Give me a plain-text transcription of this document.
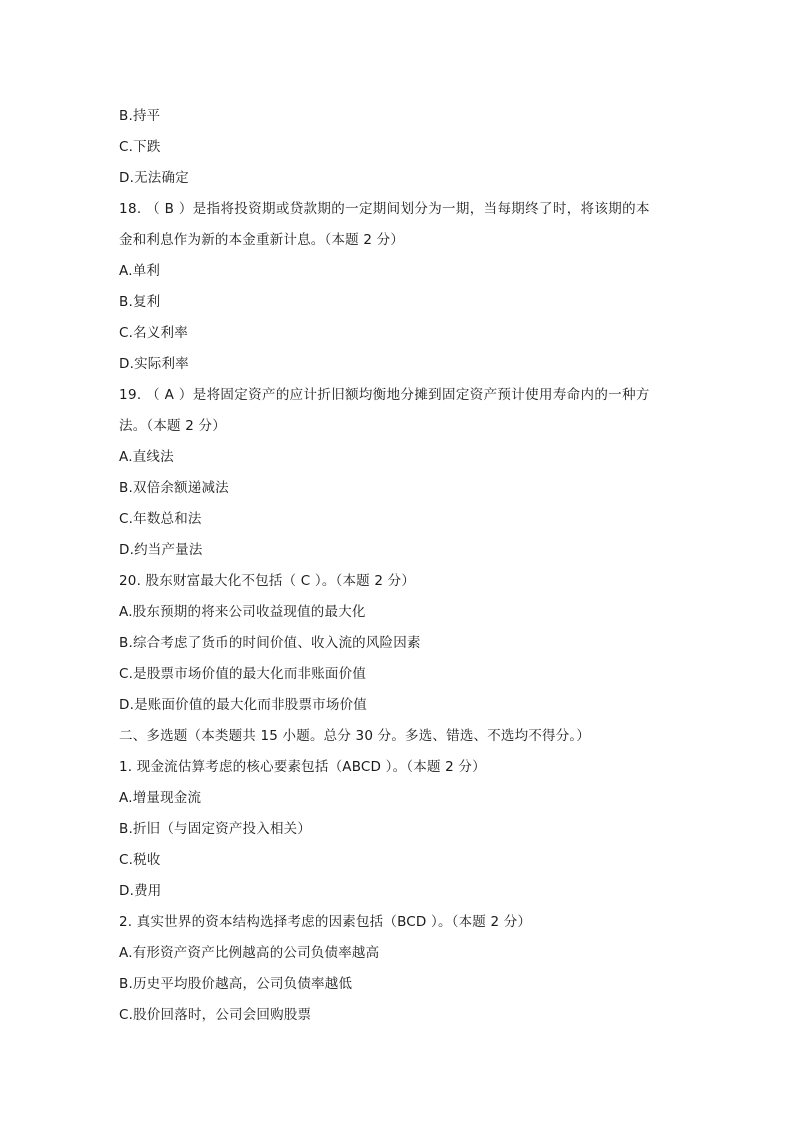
B.持平
C.下跌
D.无法确定
18. （ B ）是指将投资期或贷款期的一定期间划分为一期，当每期终了时，将该期的本
金和利息作为新的本金重新计息。（本题 2 分）
A.单利
B.复利
C.名义利率
D.实际利率
19. （ A ）是将固定资产的应计折旧额均衡地分摊到固定资产预计使用寿命内的一种方
法。（本题 2 分）
A.直线法
B.双倍余额递减法
C.年数总和法
D.约当产量法
20. 股东财富最大化不包括（ C ）。（本题 2 分）
A.股东预期的将来公司收益现值的最大化
B.综合考虑了货币的时间价值、收入流的风险因素
C.是股票市场价值的最大化而非账面价值
D.是账面价值的最大化而非股票市场价值
二、多选题（本类题共 15 小题。总分 30 分。多选、错选、不选均不得分。）
1. 现金流估算考虑的核心要素包括（ABCD ）。（本题 2 分）
A.增量现金流
B.折旧（与固定资产投入相关）
C.税收
D.费用
2. 真实世界的资本结构选择考虑的因素包括（BCD ）。（本题 2 分）
A.有形资产资产比例越高的公司负债率越高
B.历史平均股价越高，公司负债率越低
C.股价回落时，公司会回购股票
